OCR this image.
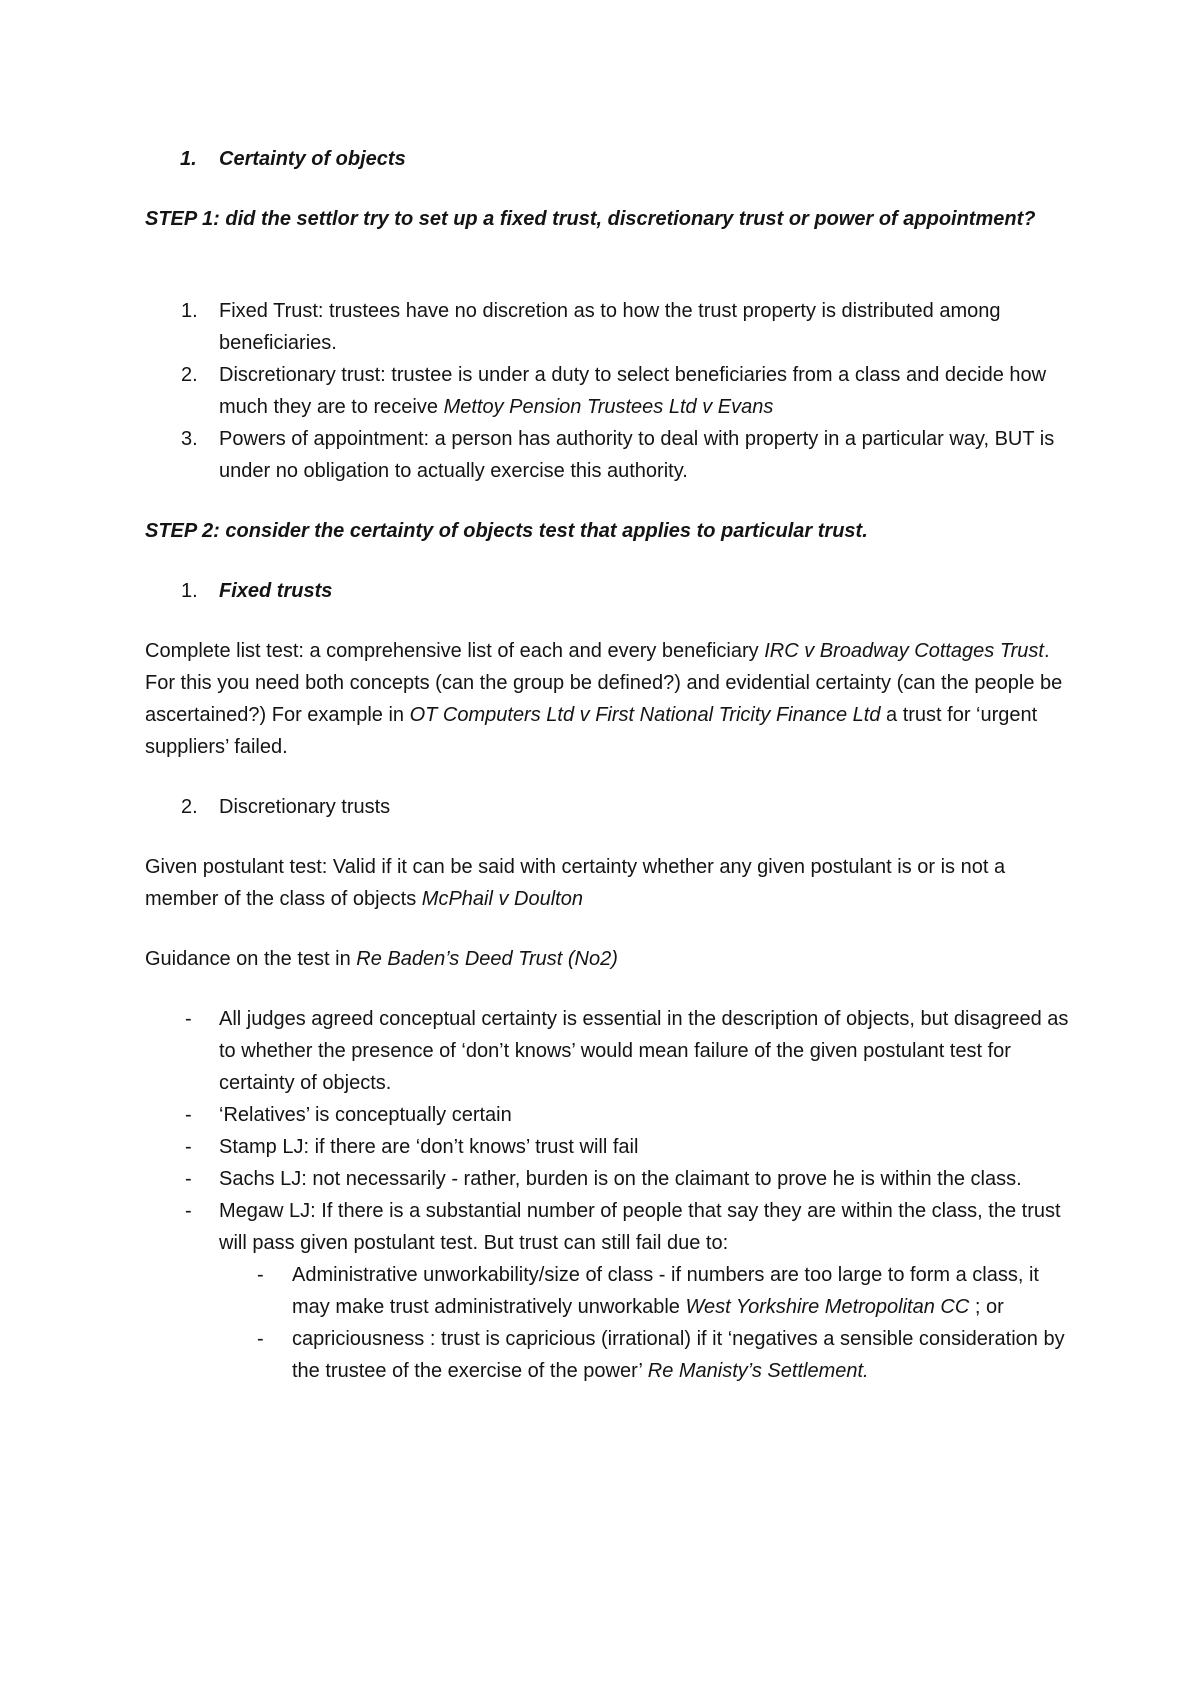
1. Certainty of objects
STEP 1: did the settlor try to set up a fixed trust, discretionary trust or power of appointment?
1. Fixed Trust: trustees have no discretion as to how the trust property is distributed among beneficiaries.
2. Discretionary trust: trustee is under a duty to select beneficiaries from a class and decide how much they are to receive Mettoy Pension Trustees Ltd v Evans
3. Powers of appointment: a person has authority to deal with property in a particular way, BUT is under no obligation to actually exercise this authority.
STEP 2: consider the certainty of objects test that applies to particular trust.
1. Fixed trusts
Complete list test: a comprehensive list of each and every beneficiary IRC v Broadway Cottages Trust. For this you need both concepts (can the group be defined?) and evidential certainty (can the people be ascertained?) For example in OT Computers Ltd v First National Tricity Finance Ltd a trust for ‘urgent suppliers’ failed.
2. Discretionary trusts
Given postulant test: Valid if it can be said with certainty whether any given postulant is or is not a member of the class of objects McPhail v Doulton
Guidance on the test in Re Baden’s Deed Trust (No2)
- All judges agreed conceptual certainty is essential in the description of objects, but disagreed as to whether the presence of ‘don’t knows’ would mean failure of the given postulant test for certainty of objects.
- ‘Relatives’ is conceptually certain
- Stamp LJ: if there are ‘don’t knows’ trust will fail
- Sachs LJ: not necessarily - rather, burden is on the claimant to prove he is within the class.
- Megaw LJ: If there is a substantial number of people that say they are within the class, the trust will pass given postulant test. But trust can still fail due to:
- Administrative unworkability/size of class - if numbers are too large to form a class, it may make trust administratively unworkable West Yorkshire Metropolitan CC ; or
- capriciousness : trust is capricious (irrational) if it ‘negatives a sensible consideration by the trustee of the exercise of the power’ Re Manisty’s Settlement.
